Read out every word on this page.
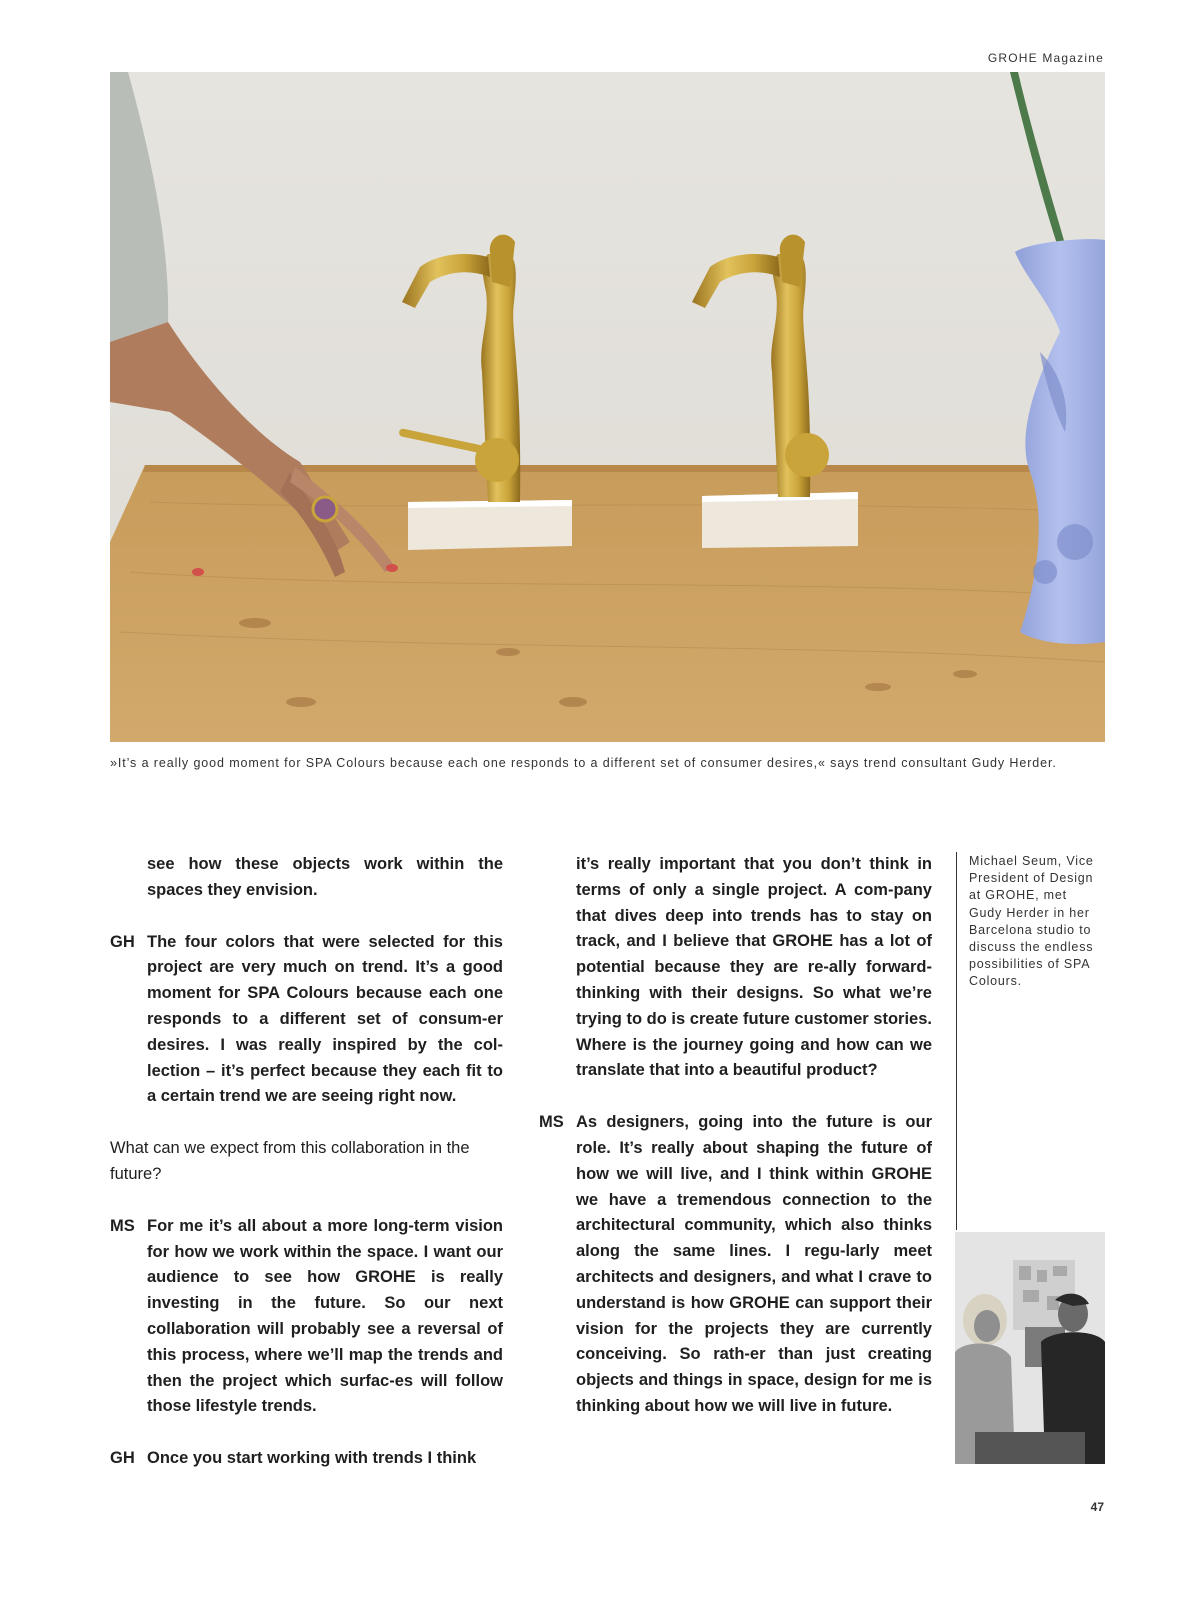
GROHE Magazine
»It’s a really good moment for SPA Colours because each one responds to a different set of consumer desires,« says trend consultant Gudy Herder.
see how these objects work within the spaces they envision.
GH The four colors that were selected for this project are very much on trend. It’s a good moment for SPA Colours because each one responds to a different set of consum-er desires. I was really inspired by the col-lection – it’s perfect because they each fit to a certain trend we are seeing right now.
What can we expect from this collaboration in the future?
MS For me it’s all about a more long-term vision for how we work within the space. I want our audience to see how GROHE is really investing in the future. So our next collaboration will probably see a reversal of this process, where we’ll map the trends and then the project which surfac-es will follow those lifestyle trends.
GH Once you start working with trends I think
it’s really important that you don’t think in terms of only a single project. A com-pany that dives deep into trends has to stay on track, and I believe that GROHE has a lot of potential because they are re-ally forward-thinking with their designs. So what we’re trying to do is create future customer stories. Where is the journey going and how can we translate that into a beautiful product?
MS As designers, going into the future is our role. It’s really about shaping the future of how we will live, and I think within GROHE we have a tremendous connection to the architectural community, which also thinks along the same lines. I regu-larly meet architects and designers, and what I crave to understand is how GROHE can support their vision for the projects they are currently conceiving. So rath-er than just creating objects and things in space, design for me is thinking about how we will live in future.
Michael Seum, Vice President of Design at GROHE, met Gudy Herder in her Barcelona studio to discuss the endless possibilities of SPA Colours.
47
